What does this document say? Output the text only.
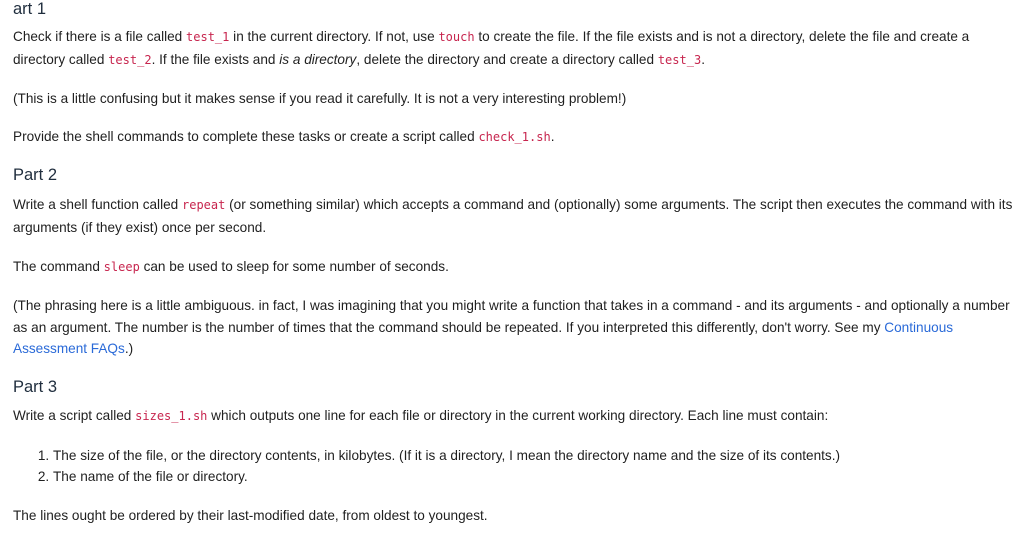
art 1

Check if there is a file called test_1 in the current directory. If not, use touch to create the file. If the file exists and is not a directory, delete the file and create a directory called test_2. If the file exists and is a directory, delete the directory and create a directory called test_3.

(This is a little confusing but it makes sense if you read it carefully. It is not a very interesting problem!)

Provide the shell commands to complete these tasks or create a script called check_1.sh.

Part 2

Write a shell function called repeat (or something similar) which accepts a command and (optionally) some arguments. The script then executes the command with its arguments (if they exist) once per second.

The command sleep can be used to sleep for some number of seconds.

(The phrasing here is a little ambiguous. in fact, I was imagining that you might write a function that takes in a command - and its arguments - and optionally a number as an argument. The number is the number of times that the command should be repeated. If you interpreted this differently, don't worry. See my Continuous Assessment FAQs.)

Part 3

Write a script called sizes_1.sh which outputs one line for each file or directory in the current working directory. Each line must contain:

1. The size of the file, or the directory contents, in kilobytes. (If it is a directory, I mean the directory name and the size of its contents.)
2. The name of the file or directory.

The lines ought be ordered by their last-modified date, from oldest to youngest.
